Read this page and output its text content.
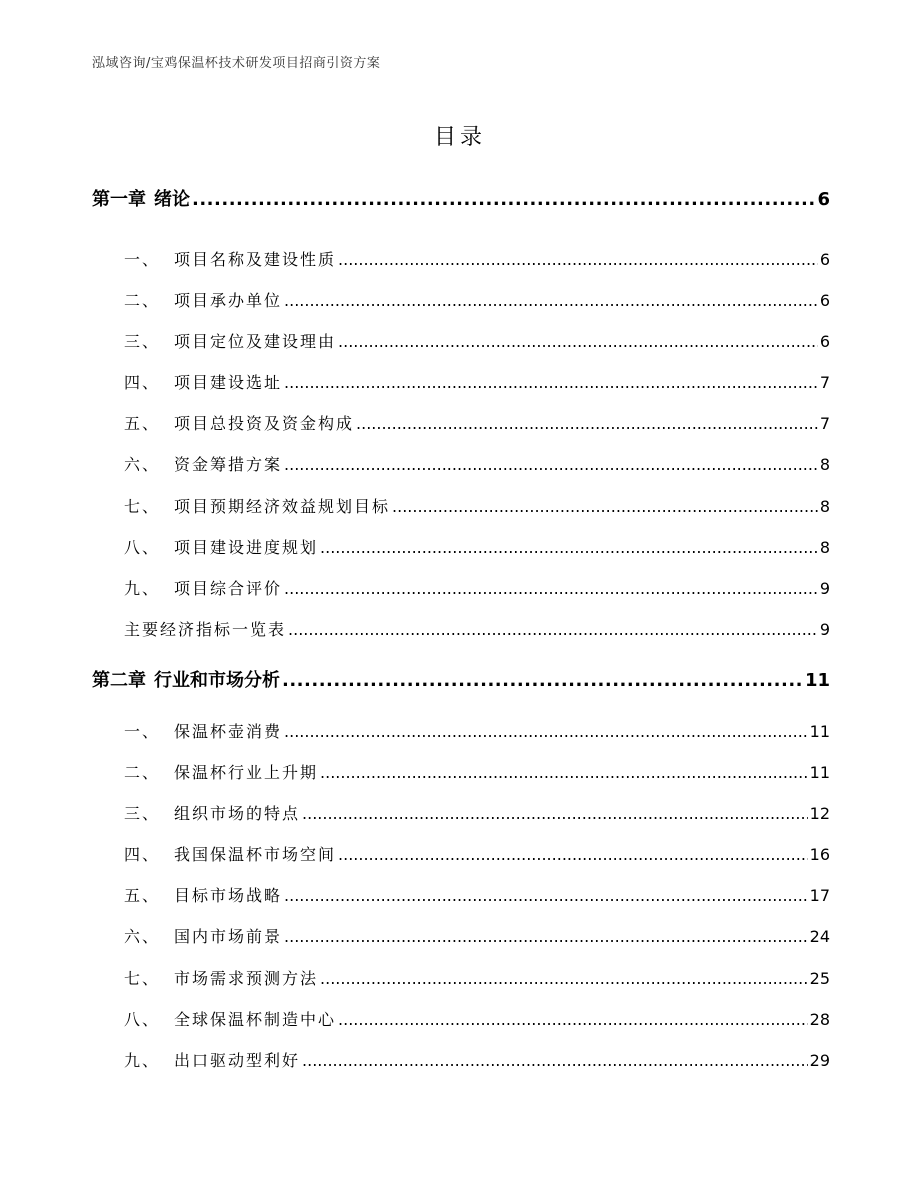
泓域咨询/宝鸡保温杯技术研发项目招商引资方案
目录
第一章 绪论 .....	6
一、 项目名称及建设性质 .....	6
二、 项目承办单位 .....	6
三、 项目定位及建设理由 .....	6
四、 项目建设选址 .....	7
五、 项目总投资及资金构成 .....	7
六、 资金筹措方案 .....	8
七、 项目预期经济效益规划目标 .....	8
八、 项目建设进度规划 .....	8
九、 项目综合评价 .....	9
主要经济指标一览表 .....	9
第二章 行业和市场分析 .....	11
一、 保温杯壶消费 .....	11
二、 保温杯行业上升期 .....	11
三、 组织市场的特点 .....	12
四、 我国保温杯市场空间 .....	16
五、 目标市场战略 .....	17
六、 国内市场前景 .....	24
七、 市场需求预测方法 .....	25
八、 全球保温杯制造中心 .....	28
九、 出口驱动型利好 .....	29
